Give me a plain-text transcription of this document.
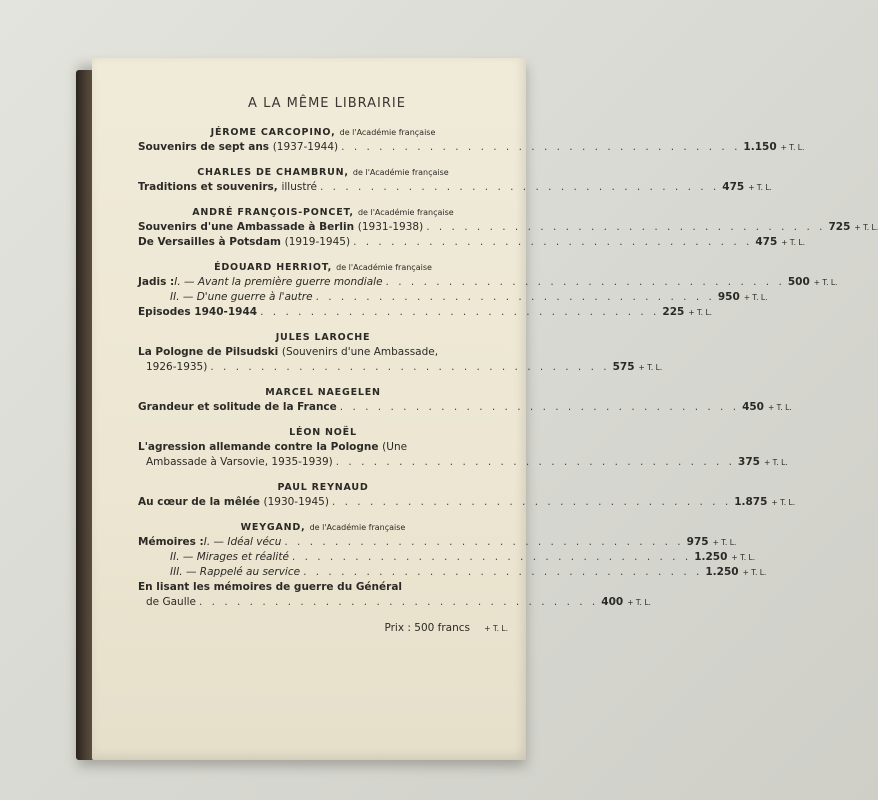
A LA MÊME LIBRAIRIE
JÉROME CARCOPINO, de l'Académie française
Souvenirs de sept ans
(1937-1944) . . . . . . . . . . . . . . . . . . . . . . . . . . . . . . . . 1.150 + T. L.
CHARLES DE CHAMBRUN, de l'Académie française
Traditions et souvenirs,
illustré . . . . . . . . . . . . . . . . . . . . . . . . . . . . . . . . 475 + T. L.
ANDRÉ FRANÇOIS-PONCET, de l'Académie française
Souvenirs d'une Ambassade à Berlin
(1931-1938) . . . . . . . . . . . . . . . . . . . . . . . . . . . . . . . . 725 + T. L.
De Versailles à Potsdam
(1919-1945) . . . . . . . . . . . . . . . . . . . . . . . . . . . . . . . . 475 + T. L.
ÉDOUARD HERRIOT, de l'Académie française
Jadis : I. — Avant la première guerre mondiale . . . . . . . . . . . . . . . . . . . . . . . . . . . . . . . . 500 + T. L.
II. — D'une guerre à l'autre . . . . . . . . . . . . . . . . . . . . . . . . . . . . . . . . 950 + T. L.
Episodes 1940-1944 . . . . . . . . . . . . . . . . . . . . . . . . . . . . . . . . 225 + T. L.
JULES LAROCHE
La Pologne de Pilsudski
(Souvenirs d'une Ambassade,
1926-1935) . . . . . . . . . . . . . . . . . . . . . . . . . . . . . . . . 575 + T. L.
MARCEL NAEGELEN
Grandeur et solitude de la France . . . . . . . . . . . . . . . . . . . . . . . . . . . . . . . . 450 + T. L.
LÉON NOËL
L'agression allemande contre la Pologne
(Une
Ambassade à Varsovie, 1935-1939) . . . . . . . . . . . . . . . . . . . . . . . . . . . . . . . . 375 + T. L.
PAUL REYNAUD
Au cœur de la mêlée
(1930-1945) . . . . . . . . . . . . . . . . . . . . . . . . . . . . . . . . 1.875 + T. L.
WEYGAND, de l'Académie française
Mémoires : I. — Idéal vécu . . . . . . . . . . . . . . . . . . . . . . . . . . . . . . . . 975 + T. L.
II. — Mirages et réalité . . . . . . . . . . . . . . . . . . . . . . . . . . . . . . . . 1.250 + T. L.
III. — Rappelé au service . . . . . . . . . . . . . . . . . . . . . . . . . . . . . . . . 1.250 + T. L.
En lisant les mémoires de guerre du Général
de Gaulle . . . . . . . . . . . . . . . . . . . . . . . . . . . . . . . . 400 + T. L.
Prix : 500 francs	+ T. L.
